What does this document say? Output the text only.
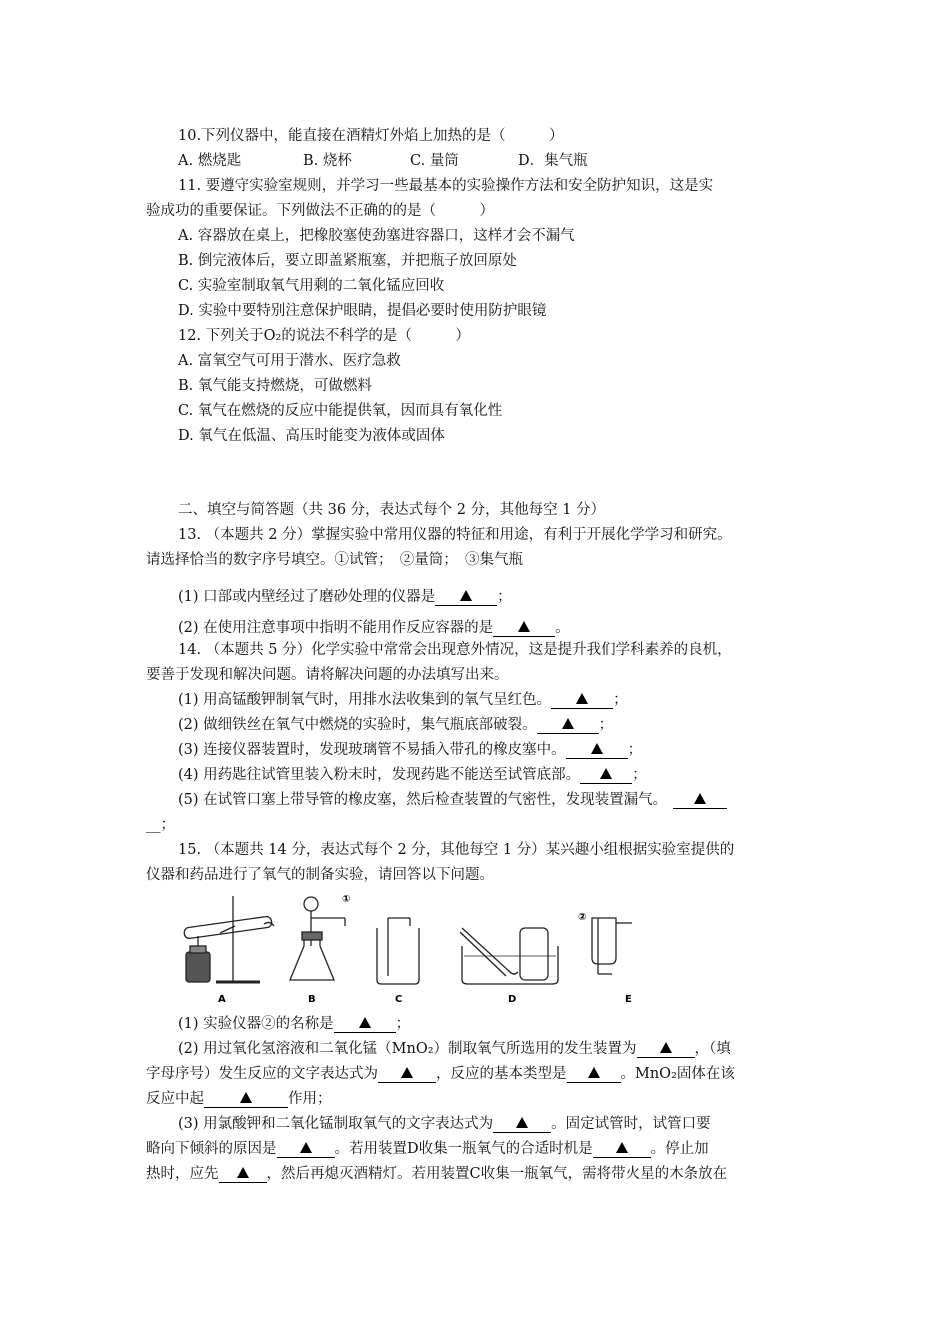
10.下列仪器中，能直接在酒精灯外焰上加热的是（　　　）
A. 燃烧匙	B. 烧杯	C. 量筒	D．集气瓶
11. 要遵守实验室规则，并学习一些最基本的实验操作方法和安全防护知识，这是实
验成功的重要保证。下列做法不正确的的是（　　　）
A. 容器放在桌上，把橡胶塞使劲塞进容器口，这样才会不漏气
B. 倒完液体后，要立即盖紧瓶塞，并把瓶子放回原处
C. 实验室制取氧气用剩的二氧化锰应回收
D. 实验中要特别注意保护眼睛，提倡必要时使用防护眼镜
12. 下列关于O₂的说法不科学的是（　　　）
A. 富氧空气可用于潜水、医疗急救
B. 氧气能支持燃烧，可做燃料
C. 氧气在燃烧的反应中能提供氧，因而具有氧化性
D. 氧气在低温、高压时能变为液体或固体
二、填空与简答题（共 36 分，表达式每个 2 分，其他每空 1 分）
13. （本题共 2 分）掌握实验中常用仪器的特征和用途，有利于开展化学学习和研究。
请选择恰当的数字序号填空。①试管；　②量筒；　③集气瓶
(1) 口部或内壁经过了磨砂处理的仪器是	；
(2) 在使用注意事项中指明不能用作反应容器的是	。
14. （本题共 5 分）化学实验中常常会出现意外情况，这是提升我们学科素养的良机，
要善于发现和解决问题。请将解决问题的办法填写出来。
(1) 用高锰酸钾制氧气时，用排水法收集到的氧气呈红色。	；
(2) 做细铁丝在氧气中燃烧的实验时，集气瓶底部破裂。	；
(3) 连接仪器装置时，发现玻璃管不易插入带孔的橡皮塞中。	；
(4) 用药匙往试管里装入粉末时，发现药匙不能送至试管底部。	；
(5) 在试管口塞上带导管的橡皮塞，然后检查装置的气密性，发现装置漏气。
__；
15. （本题共 14 分，表达式每个 2 分，其他每空 1 分）某兴趣小组根据实验室提供的
仪器和药品进行了氧气的制备实验，请回答以下问题。
①
②
A	B	C	D	E
(1) 实验仪器②的名称是	；
(2) 用过氧化氢溶液和二氧化锰（MnO₂）制取氧气所选用的发生装置为	，（填
字母序号）发生反应的文字表达式为	，反应的基本类型是	。MnO₂固体在该
反应中起	作用；
(3) 用氯酸钾和二氧化锰制取氧气的文字表达式为	。固定试管时，试管口要
略向下倾斜的原因是	。若用装置D收集一瓶氧气的合适时机是	。停止加
热时，应先	，然后再熄灭酒精灯。若用装置C收集一瓶氧气，需将带火星的木条放在
